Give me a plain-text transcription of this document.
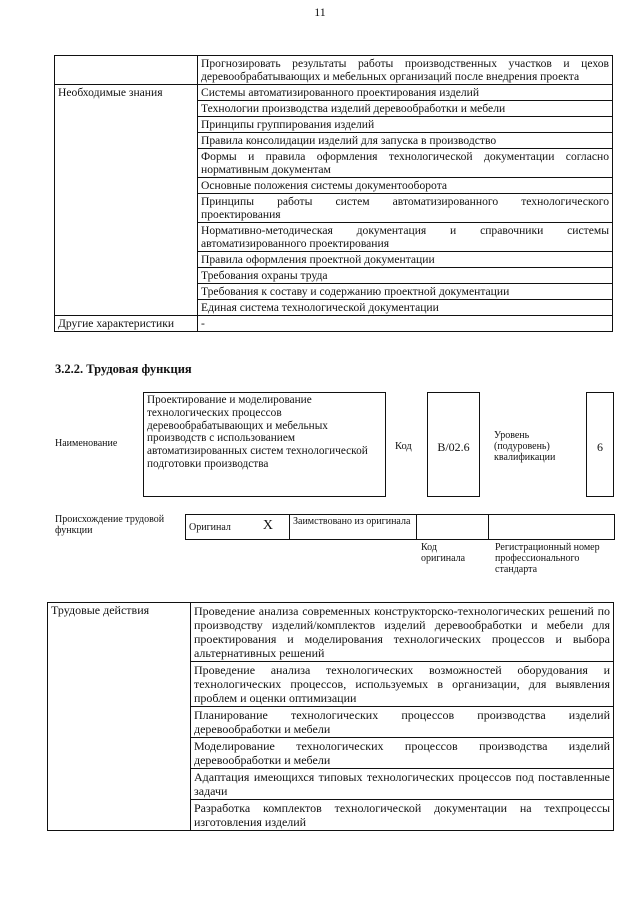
11
	Прогнозировать результаты работы производственных участков и цехов деревообрабатывающих и мебельных организаций после внедрения проекта
Необходимые знания	Системы автоматизированного проектирования изделий
	Технологии производства изделий деревообработки и мебели
	Принципы группирования изделий
	Правила консолидации изделий для запуска в производство
	Формы и правила оформления технологической документации согласно нормативным документам
	Основные положения системы документооборота
	Принципы работы систем автоматизированного технологического проектирования
	Нормативно-методическая документация и справочники системы автоматизированного проектирования
	Правила оформления проектной документации
	Требования охраны труда
	Требования к составу и содержанию проектной документации
	Единая система технологической документации
Другие характеристики	-
3.2.2. Трудовая функция
Наименование
Проектирование и моделирование технологических процессов деревообрабатывающих и мебельных производств с использованием автоматизированных систем технологической подготовки производства
Код	B/02.6
Уровень (подуровень) квалификации
6
Происхождение трудовой функции	Оригинал X	Заимствовано из оригинала		
Код оригинала
Регистрационный номер профессионального стандарта
Трудовые действия	Проведение анализа современных конструкторско-технологических решений по производству изделий/комплектов изделий деревообработки и мебели для проектирования и моделирования технологических процессов и выбора альтернативных решений
Проведение анализа технологических возможностей оборудования и технологических процессов, используемых в организации, для выявления проблем и оценки оптимизации
Планирование технологических процессов производства изделий деревообработки и мебели
Моделирование технологических процессов производства изделий деревообработки и мебели
Адаптация имеющихся типовых технологических процессов под поставленные задачи
Разработка комплектов технологической документации на техпроцессы изготовления изделий
